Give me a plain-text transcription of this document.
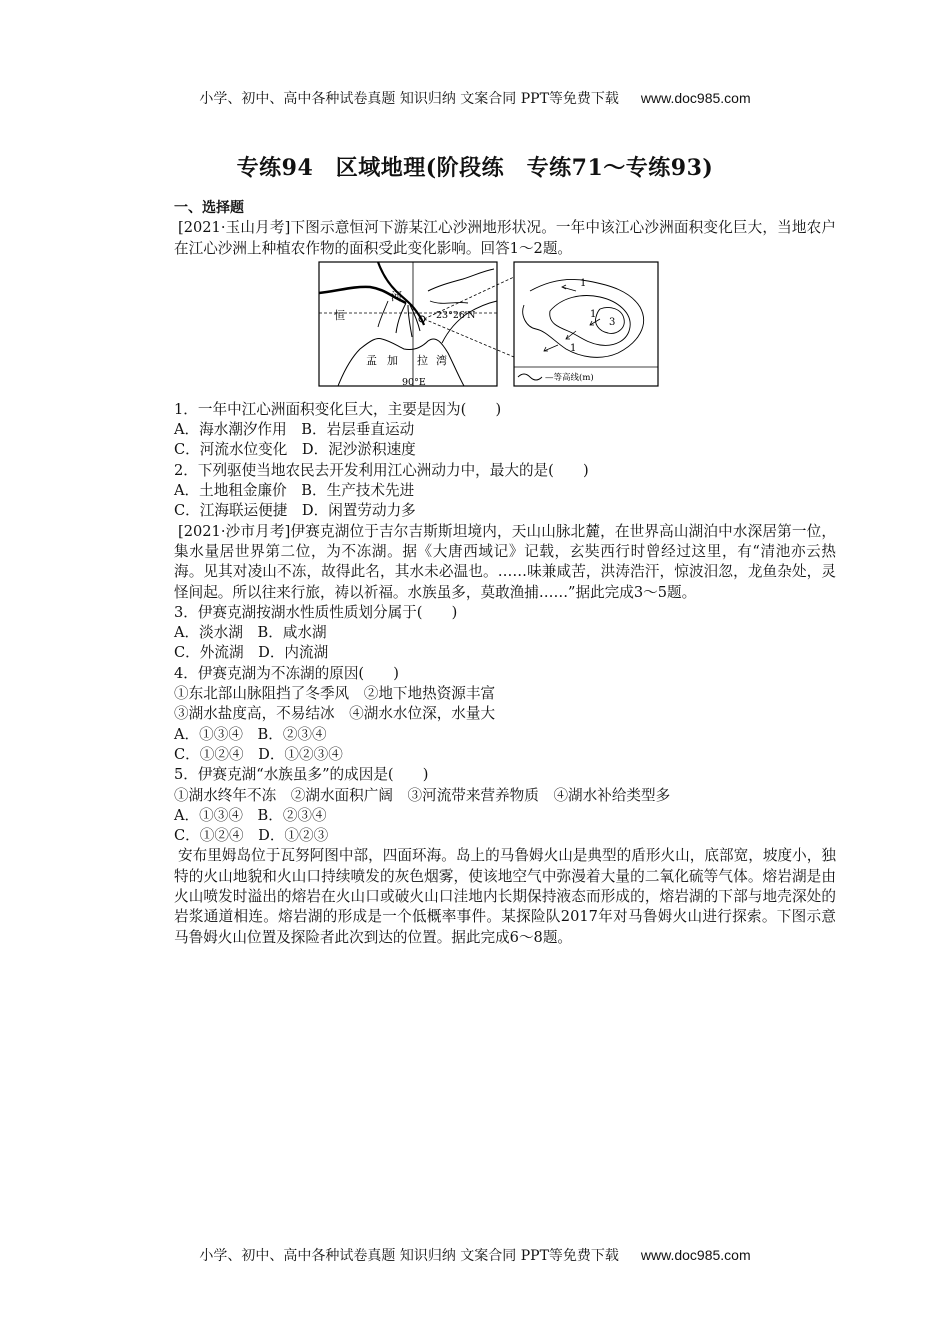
小学、初中、高中各种试卷真题 知识归纳 文案合同 PPT等免费下载 www.doc985.com
专练94　区域地理(阶段练　专练71～专练93)

一、选择题

[2021·玉山月考]下图示意恒河下游某江心沙洲地形状况。一年中该江心沙洲面积变化巨大，当地农户在江心沙洲上种植农作物的面积受此变化影响。回答1～2题。

恒
河
孟 加 拉 湾
23°26′N
90°E
1
1
3
1
—等高线(m)

1．一年中江心洲面积变化巨大，主要是因为(　　)

A．海水潮汐作用　B．岩层垂直运动

C．河流水位变化　D．泥沙淤积速度

2．下列驱使当地农民去开发利用江心洲动力中，最大的是(　　)

A．土地租金廉价　B．生产技术先进

C．江海联运便捷　D．闲置劳动力多

[2021·沙市月考]伊赛克湖位于吉尔吉斯斯坦境内，天山山脉北麓，在世界高山湖泊中水深居第一位，集水量居世界第二位，为不冻湖。据《大唐西域记》记载，玄奘西行时曾经过这里，有“清池亦云热海。见其对凌山不冻，故得此名，其水未必温也。……味兼咸苦，洪涛浩汗，惊波汨忽，龙鱼杂处，灵怪间起。所以往来行旅，祷以祈福。水族虽多，莫敢渔捕……”据此完成3～5题。

3．伊赛克湖按湖水性质性质划分属于(　　)

A．淡水湖　B．咸水湖

C．外流湖　D．内流湖

4．伊赛克湖为不冻湖的原因(　　)

①东北部山脉阻挡了冬季风　②地下地热资源丰富

③湖水盐度高，不易结冰　④湖水水位深，水量大

A．①③④　B．②③④

C．①②④　D．①②③④

5．伊赛克湖“水族虽多”的成因是(　　)

①湖水终年不冻　②湖水面积广阔　③河流带来营养物质　④湖水补给类型多

A．①③④　B．②③④

C．①②④　D．①②③

安布里姆岛位于瓦努阿图中部，四面环海。岛上的马鲁姆火山是典型的盾形火山，底部宽，坡度小，独特的火山地貌和火山口持续喷发的灰色烟雾，使该地空气中弥漫着大量的二氧化硫等气体。熔岩湖是由火山喷发时溢出的熔岩在火山口或破火山口洼地内长期保持液态而形成的，熔岩湖的下部与地壳深处的岩浆通道相连。熔岩湖的形成是一个低概率事件。某探险队2017年对马鲁姆火山进行探索。下图示意马鲁姆火山位置及探险者此次到达的位置。据此完成6～8题。

小学、初中、高中各种试卷真题 知识归纳 文案合同 PPT等免费下载 www.doc985.com
